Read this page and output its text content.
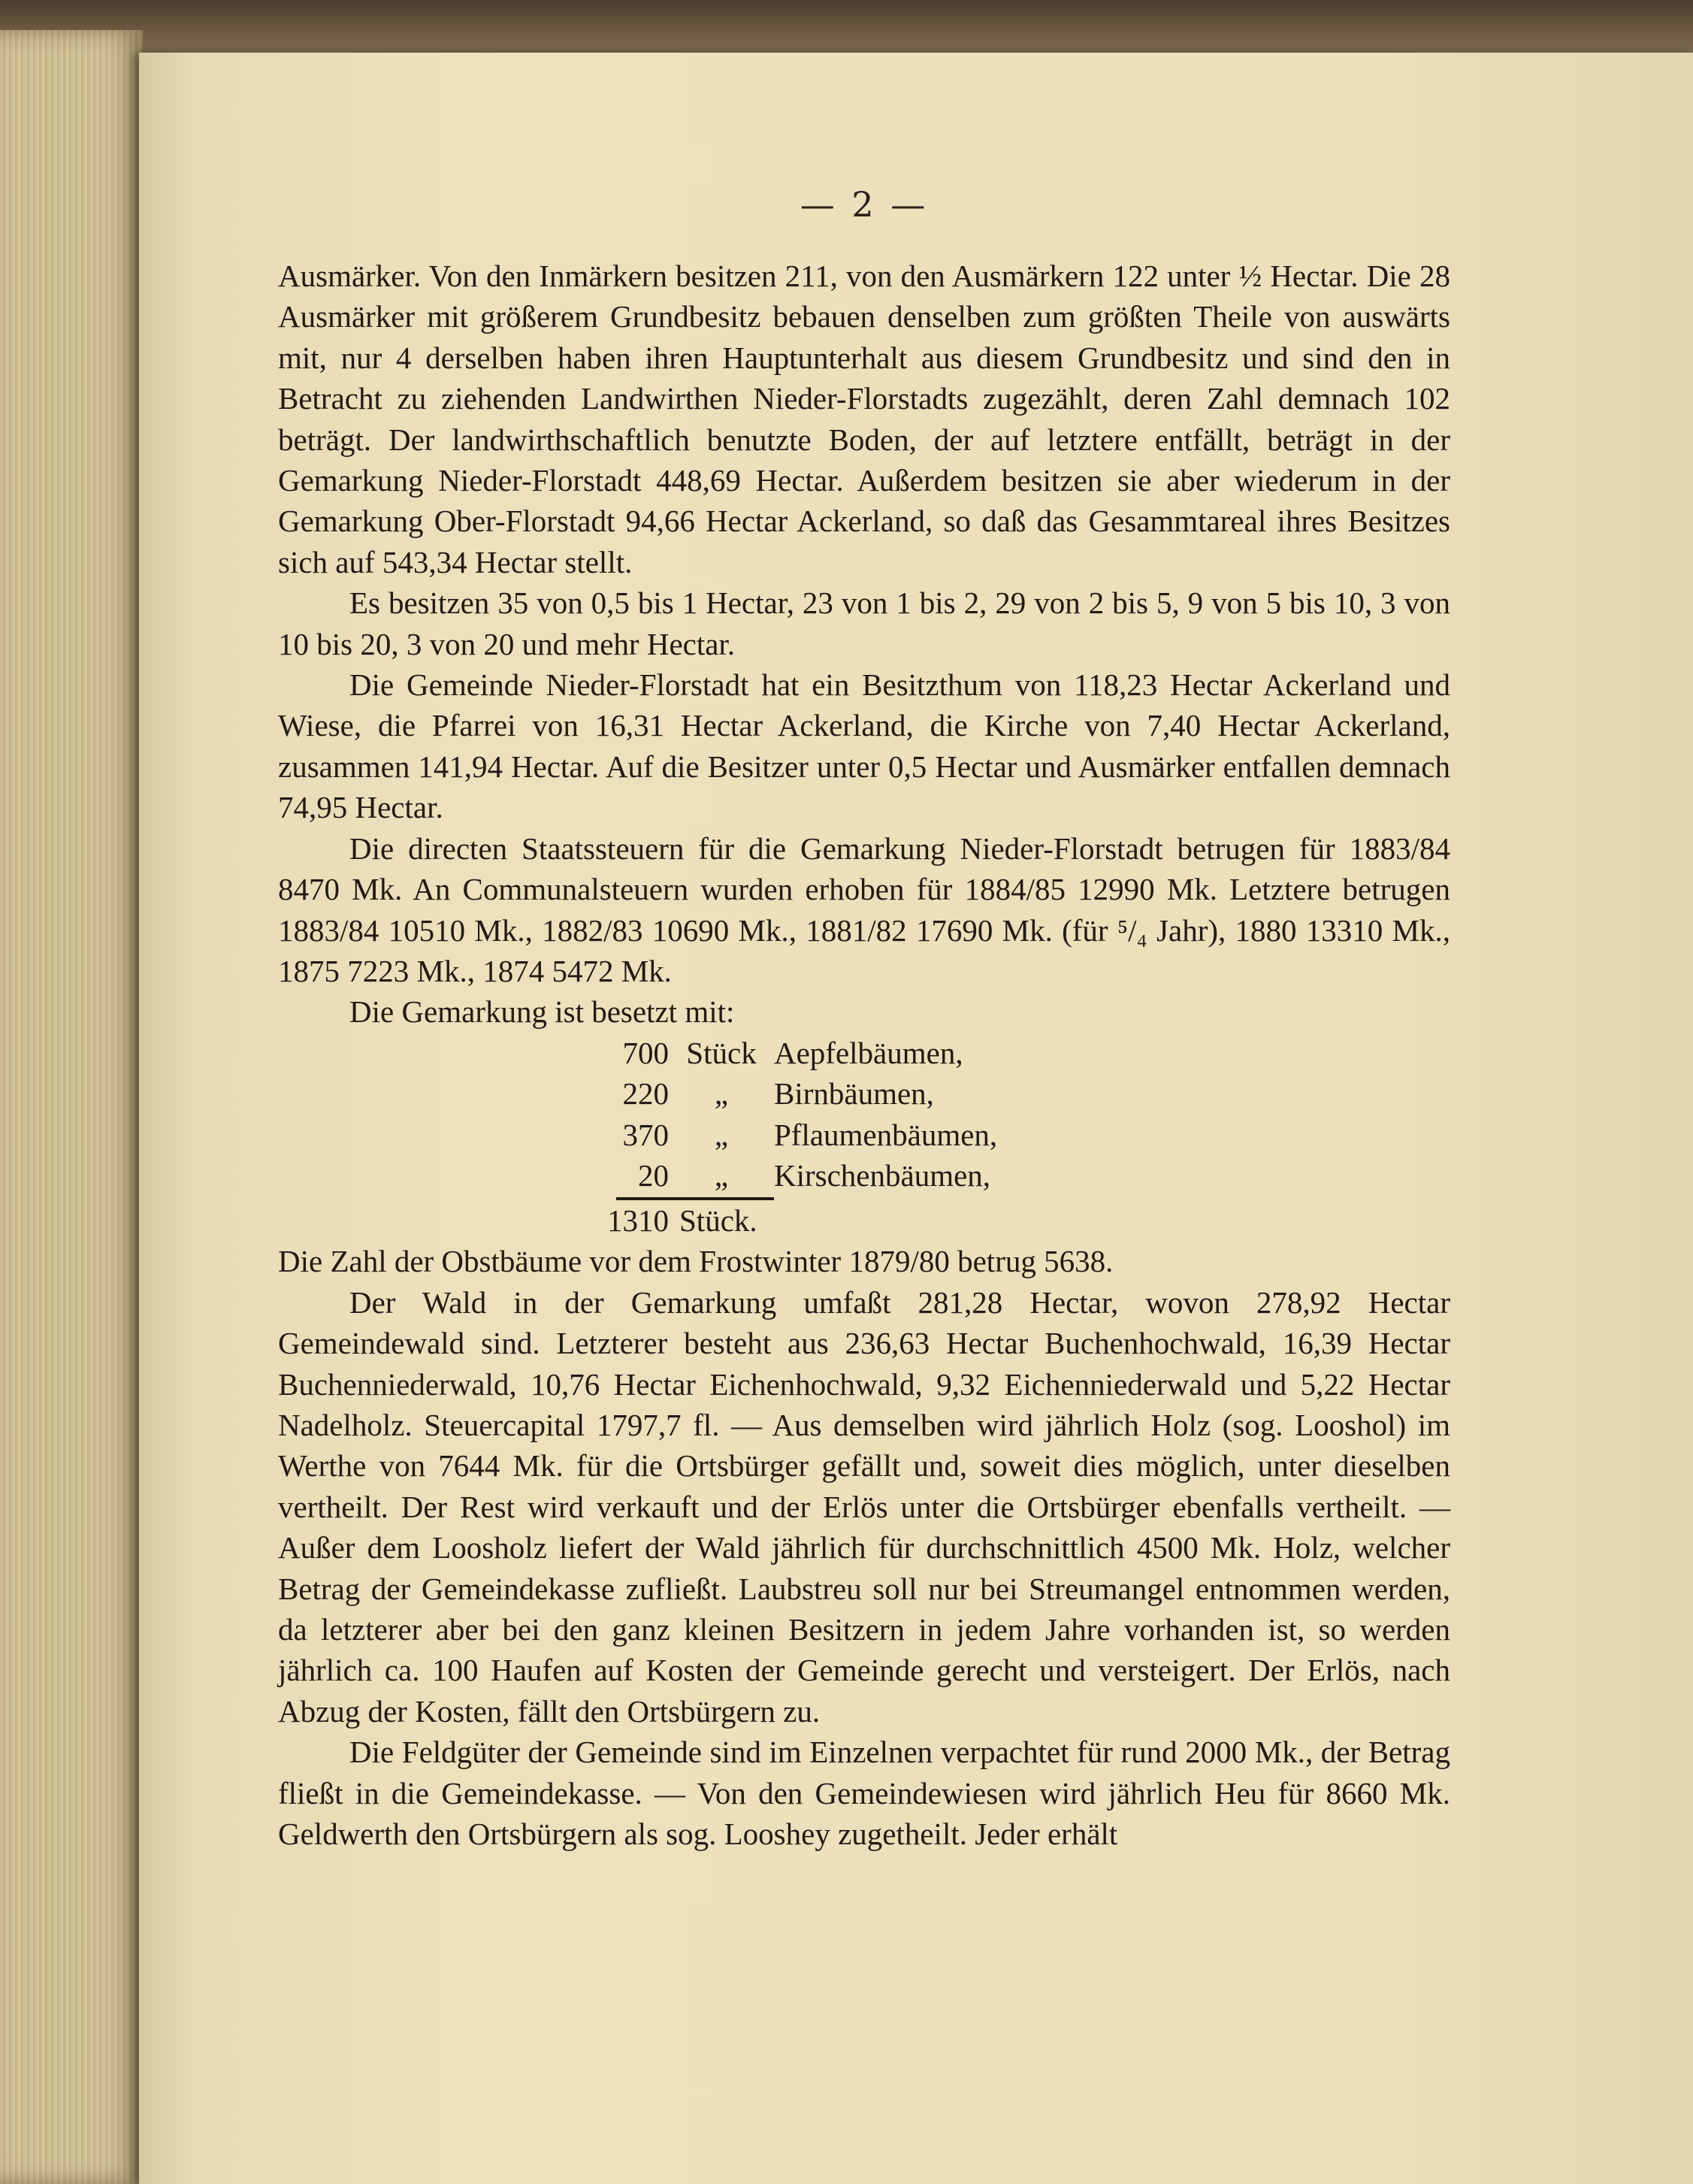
— 2 —

Ausmärker. Von den Inmärkern besitzen 211, von den Ausmärkern 122 unter ½ Hectar. Die 28 Ausmärker mit größerem Grundbesitz bebauen denselben zum größten Theile von auswärts mit, nur 4 derselben haben ihren Hauptunterhalt aus diesem Grundbesitz und sind den in Betracht zu ziehenden Landwirthen Nieder-Florstadts zugezählt, deren Zahl demnach 102 beträgt. Der landwirthschaftlich benutzte Boden, der auf letztere entfällt, beträgt in der Gemarkung Nieder-Florstadt 448,69 Hectar. Außerdem besitzen sie aber wiederum in der Gemarkung Ober-Florstadt 94,66 Hectar Ackerland, so daß das Gesammtareal ihres Besitzes sich auf 543,34 Hectar stellt.

Es besitzen 35 von 0,5 bis 1 Hectar, 23 von 1 bis 2, 29 von 2 bis 5, 9 von 5 bis 10, 3 von 10 bis 20, 3 von 20 und mehr Hectar.

Die Gemeinde Nieder-Florstadt hat ein Besitzthum von 118,23 Hectar Ackerland und Wiese, die Pfarrei von 16,31 Hectar Ackerland, die Kirche von 7,40 Hectar Ackerland, zusammen 141,94 Hectar. Auf die Besitzer unter 0,5 Hectar und Ausmärker entfallen demnach 74,95 Hectar.

Die directen Staatssteuern für die Gemarkung Nieder-Florstadt betrugen für 1883/84 8470 Mk. An Communalsteuern wurden erhoben für 1884/85 12990 Mk. Letztere betrugen 1883/84 10510 Mk., 1882/83 10690 Mk., 1881/82 17690 Mk. (für ⁵/₄ Jahr), 1880 13310 Mk., 1875 7223 Mk., 1874 5472 Mk.

Die Gemarkung ist besetzt mit:

700 Stück Aepfelbäumen,
220	„	Birnbäumen,
370	„	Pflaumenbäumen,
20	„	Kirschenbäumen,
1310 Stück.

Die Zahl der Obstbäume vor dem Frostwinter 1879/80 betrug 5638.

Der Wald in der Gemarkung umfaßt 281,28 Hectar, wovon 278,92 Hectar Gemeindewald sind. Letzterer besteht aus 236,63 Hectar Buchenhochwald, 16,39 Hectar Buchenniederwald, 10,76 Hectar Eichenhochwald, 9,32 Eichenniederwald und 5,22 Hectar Nadelholz. Steuercapital 1797,7 fl. — Aus demselben wird jährlich Holz (sog. Looshol) im Werthe von 7644 Mk. für die Ortsbürger gefällt und, soweit dies möglich, unter dieselben vertheilt. Der Rest wird verkauft und der Erlös unter die Ortsbürger ebenfalls vertheilt. — Außer dem Loosholz liefert der Wald jährlich für durchschnittlich 4500 Mk. Holz, welcher Betrag der Gemeindekasse zufließt. Laubstreu soll nur bei Streumangel entnommen werden, da letzterer aber bei den ganz kleinen Besitzern in jedem Jahre vorhanden ist, so werden jährlich ca. 100 Haufen auf Kosten der Gemeinde gerecht und versteigert. Der Erlös, nach Abzug der Kosten, fällt den Ortsbürgern zu.

Die Feldgüter der Gemeinde sind im Einzelnen verpachtet für rund 2000 Mk., der Betrag fließt in die Gemeindekasse. — Von den Gemeindewiesen wird jährlich Heu für 8660 Mk. Geldwerth den Ortsbürgern als sog. Looshey zugetheilt. Jeder erhält
